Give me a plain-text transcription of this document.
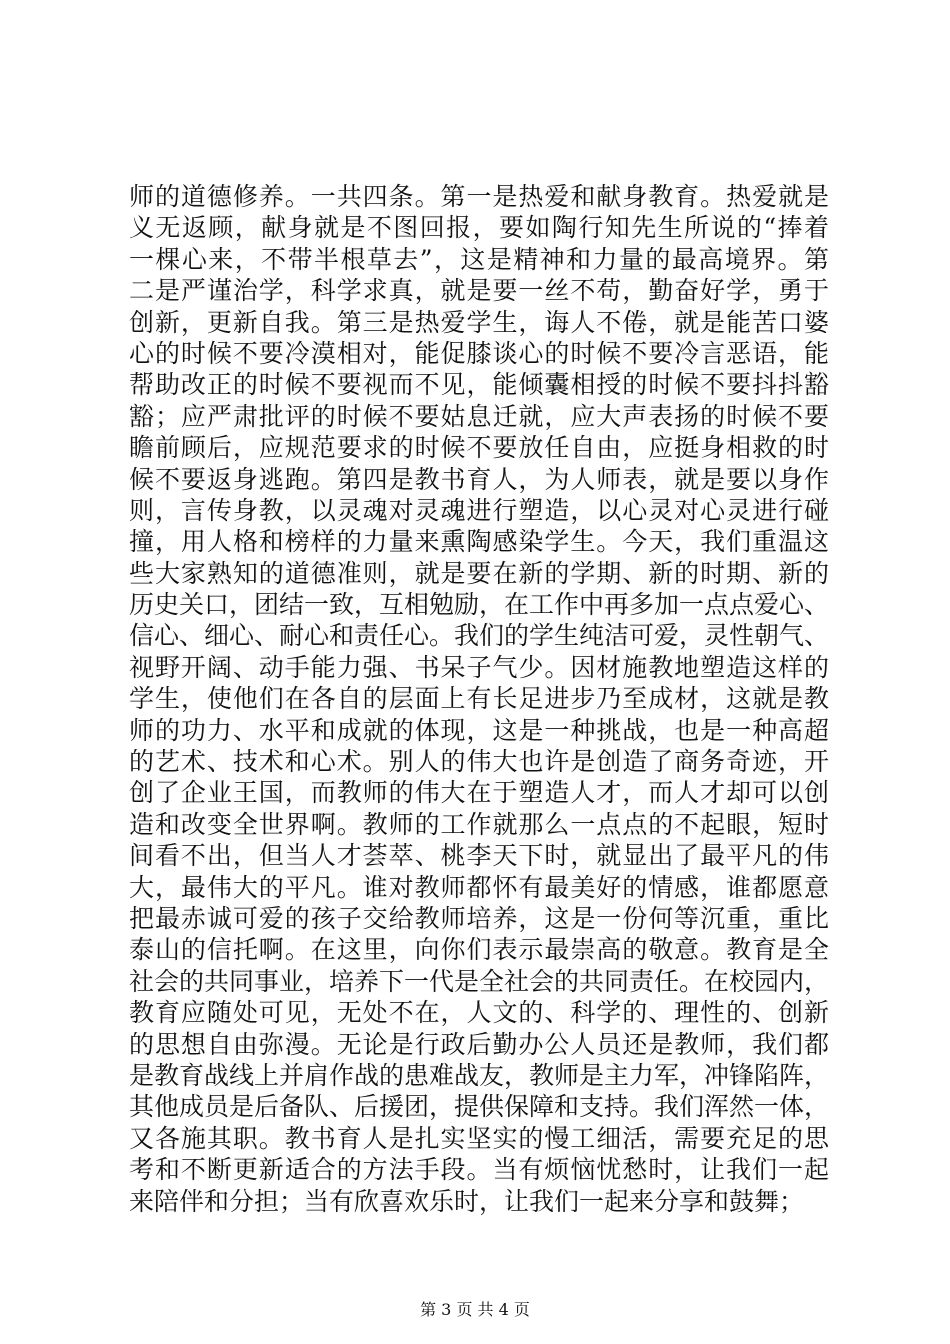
师的道德修养。一共四条。第一是热爱和献身教育。热爱就是
义无返顾，献身就是不图回报，要如陶行知先生所说的“捧着
一棵心来，不带半根草去”，这是精神和力量的最高境界。第
二是严谨治学，科学求真，就是要一丝不苟，勤奋好学，勇于
创新，更新自我。第三是热爱学生，诲人不倦，就是能苦口婆
心的时候不要冷漠相对，能促膝谈心的时候不要冷言恶语，能
帮助改正的时候不要视而不见，能倾囊相授的时候不要抖抖豁
豁；应严肃批评的时候不要姑息迁就，应大声表扬的时候不要
瞻前顾后，应规范要求的时候不要放任自由，应挺身相救的时
候不要返身逃跑。第四是教书育人，为人师表，就是要以身作
则，言传身教，以灵魂对灵魂进行塑造，以心灵对心灵进行碰
撞，用人格和榜样的力量来熏陶感染学生。今天，我们重温这
些大家熟知的道德准则，就是要在新的学期、新的时期、新的
历史关口，团结一致，互相勉励，在工作中再多加一点点爱心、
信心、细心、耐心和责任心。我们的学生纯洁可爱，灵性朝气、
视野开阔、动手能力强、书呆子气少。因材施教地塑造这样的
学生，使他们在各自的层面上有长足进步乃至成材，这就是教
师的功力、水平和成就的体现，这是一种挑战，也是一种高超
的艺术、技术和心术。别人的伟大也许是创造了商务奇迹，开
创了企业王国，而教师的伟大在于塑造人才，而人才却可以创
造和改变全世界啊。教师的工作就那么一点点的不起眼，短时
间看不出，但当人才荟萃、桃李天下时，就显出了最平凡的伟
大，最伟大的平凡。谁对教师都怀有最美好的情感，谁都愿意
把最赤诚可爱的孩子交给教师培养，这是一份何等沉重，重比
泰山的信托啊。在这里，向你们表示最崇高的敬意。教育是全
社会的共同事业，培养下一代是全社会的共同责任。在校园内，
教育应随处可见，无处不在，人文的、科学的、理性的、创新
的思想自由弥漫。无论是行政后勤办公人员还是教师，我们都
是教育战线上并肩作战的患难战友，教师是主力军，冲锋陷阵，
其他成员是后备队、后援团，提供保障和支持。我们浑然一体，
又各施其职。教书育人是扎实坚实的慢工细活，需要充足的思
考和不断更新适合的方法手段。当有烦恼忧愁时，让我们一起
来陪伴和分担；当有欣喜欢乐时，让我们一起来分享和鼓舞；
第 3 页 共 4 页
